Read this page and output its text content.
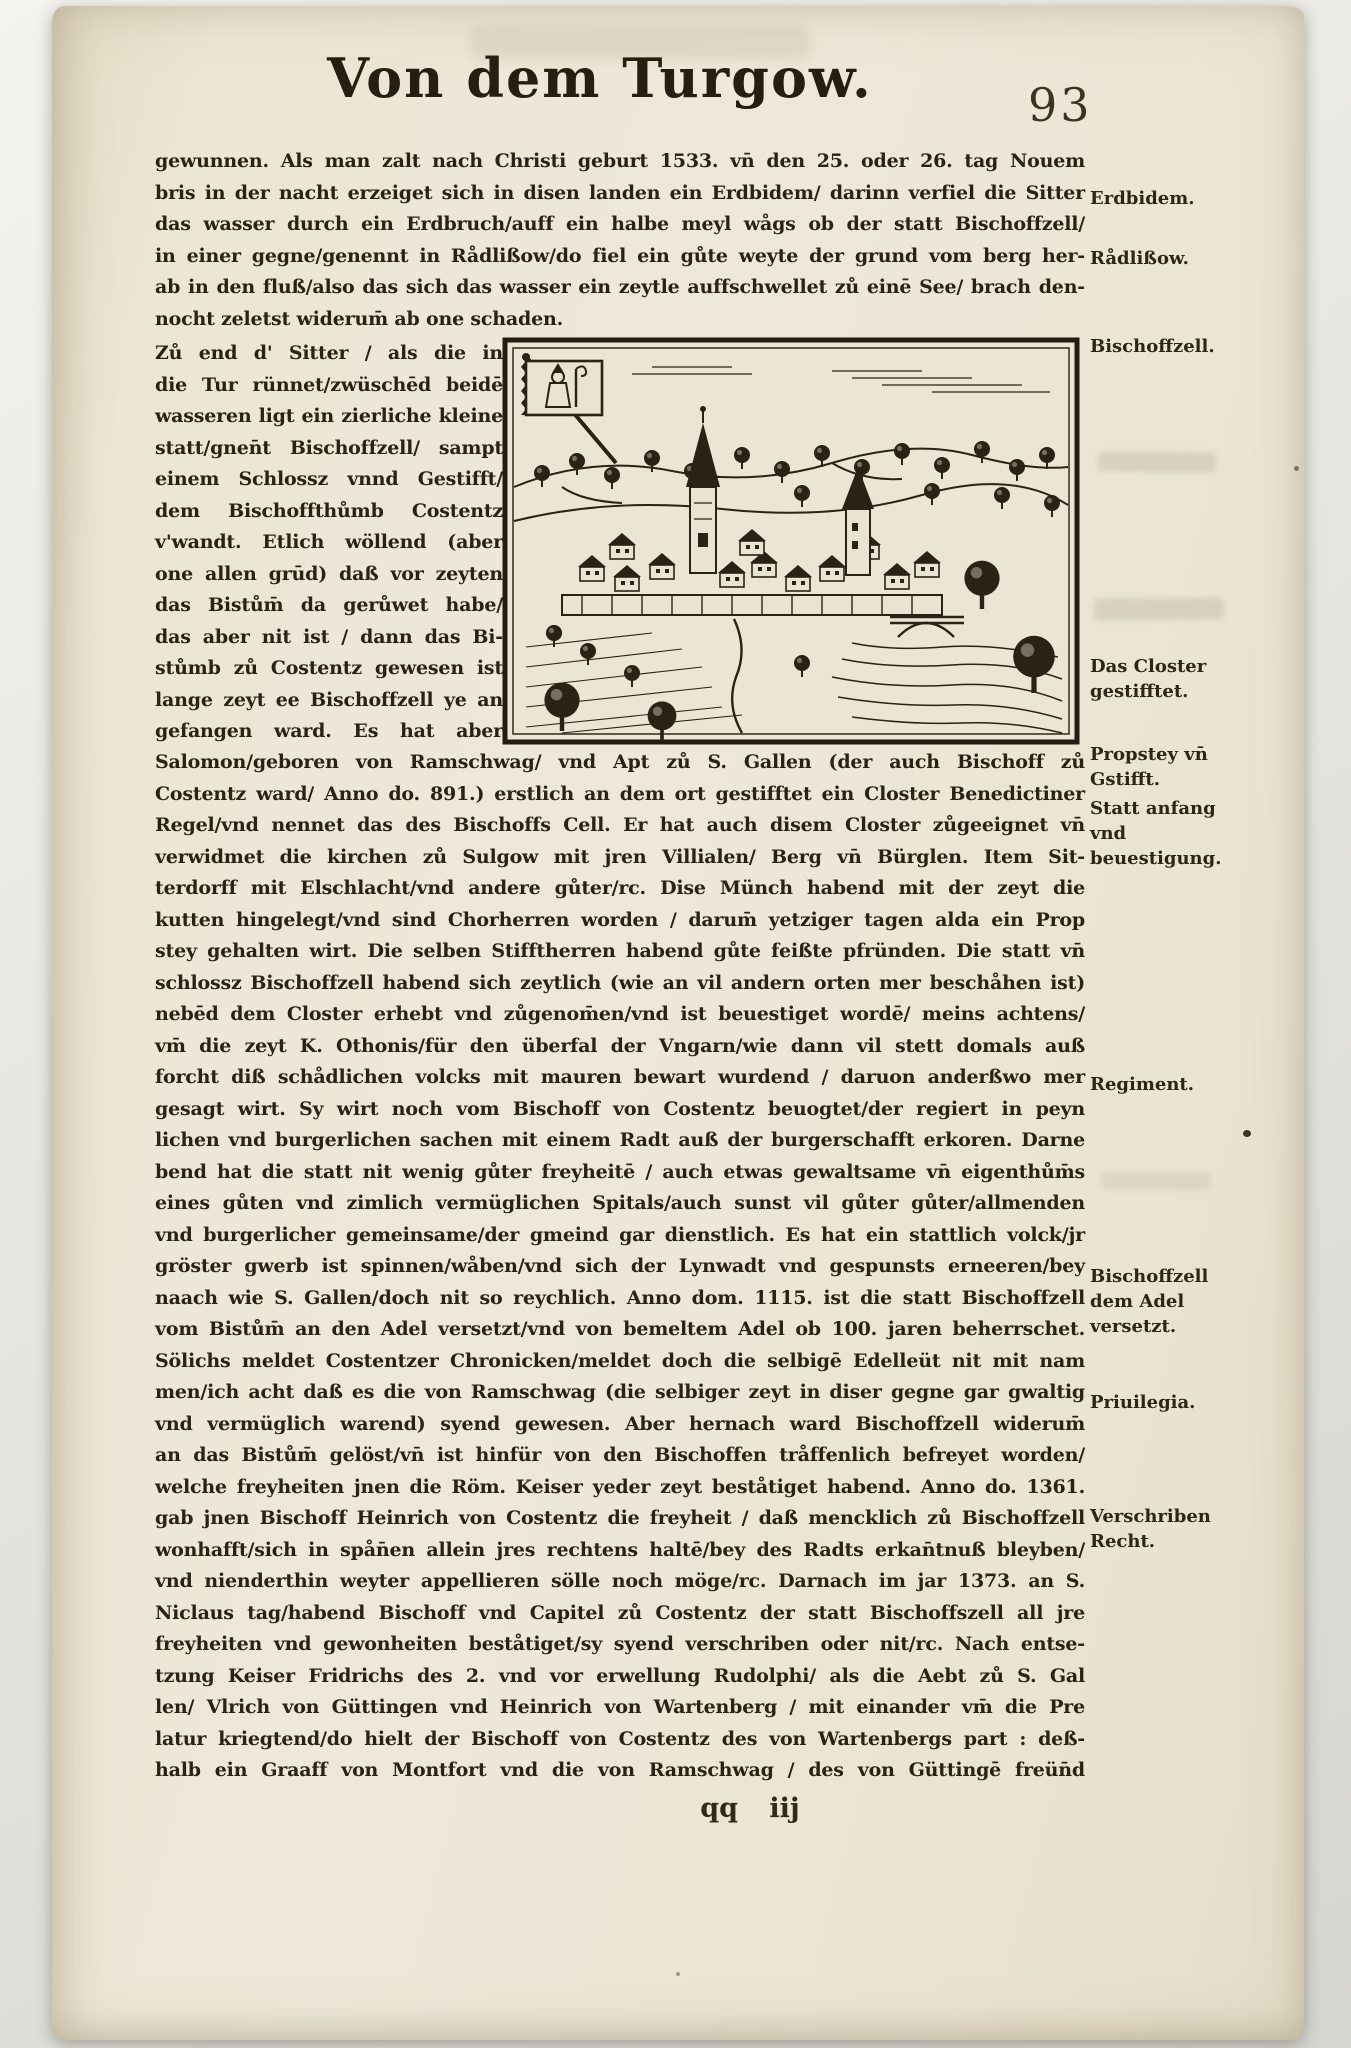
Von dem Turgow.	93
gewunnen. Als man zalt nach Christi geburt 1533. vn̄ den 25. oder 26. tag Nouem
bris in der nacht erzeiget sich in disen landen ein Erdbidem/ darinn verfiel die Sitter
das wasser durch ein Erdbruch/auff ein halbe meyl wågs ob der statt Bischoffzell/
in einer gegne/genennt in Rådlißow/do fiel ein gůte weyte der grund vom berg her-
ab in den fluß/also das sich das wasser ein zeytle auffschwellet zů einē See/ brach den-
nocht zeletst widerum̄ ab one schaden.
Zů end d' Sitter / als die in
die Tur rünnet/zwüschēd beidē
wasseren ligt ein zierliche kleine
statt/gnen̄t Bischoffzell/ sampt
einem Schlossz vnnd Gestifft/
dem Bischoffthůmb Costentz
v'wandt. Etlich wöllend (aber
one allen grūd) daß vor zeyten
das Bistům̄ da gerůwet habe/
das aber nit ist / dann das Bi-
stůmb zů Costentz gewesen ist
lange zeyt ee Bischoffzell ye an
gefangen ward. Es hat aber
Salomon/geboren von Ramschwag/ vnd Apt zů S. Gallen (der auch Bischoff zů
Costentz ward/ Anno do. 891.) erstlich an dem ort gestifftet ein Closter Benedictiner
Regel/vnd nennet das des Bischoffs Cell. Er hat auch disem Closter zůgeeignet vn̄
verwidmet die kirchen zů Sulgow mit jren Villialen/ Berg vn̄ Bürglen. Item Sit-
terdorff mit Elschlacht/vnd andere gůter/rc. Dise Münch habend mit der zeyt die
kutten hingelegt/vnd sind Chorherren worden / darum̄ yetziger tagen alda ein Prop
stey gehalten wirt. Die selben Stifftherren habend gůte feißte pfründen. Die statt vn̄
schlossz Bischoffzell habend sich zeytlich (wie an vil andern orten mer beschåhen ist)
nebēd dem Closter erhebt vnd zůgenom̄en/vnd ist beuestiget wordē/ meins achtens/
vm̄ die zeyt K. Othonis/für den überfal der Vngarn/wie dann vil stett domals auß
forcht diß schådlichen volcks mit mauren bewart wurdend / daruon anderßwo mer
gesagt wirt. Sy wirt noch vom Bischoff von Costentz beuogtet/der regiert in peyn
lichen vnd burgerlichen sachen mit einem Radt auß der burgerschafft erkoren. Darne
bend hat die statt nit wenig gůter freyheitē / auch etwas gewaltsame vn̄ eigenthům̄s
eines gůten vnd zimlich vermüglichen Spitals/auch sunst vil gůter gůter/allmenden
vnd burgerlicher gemeinsame/der gmeind gar dienstlich. Es hat ein stattlich volck/jr
gröster gwerb ist spinnen/wåben/vnd sich der Lynwadt vnd gespunsts erneeren/bey
naach wie S. Gallen/doch nit so reychlich. Anno dom. 1115. ist die statt Bischoffzell
vom Bistům̄ an den Adel versetzt/vnd von bemeltem Adel ob 100. jaren beherrschet.
Sölichs meldet Costentzer Chronicken/meldet doch die selbigē Edelleüt nit mit nam
men/ich acht daß es die von Ramschwag (die selbiger zeyt in diser gegne gar gwaltig
vnd vermüglich warend) syend gewesen. Aber hernach ward Bischoffzell widerum̄
an das Bistům̄ gelöst/vn̄ ist hinfür von den Bischoffen tråffenlich befreyet worden/
welche freyheiten jnen die Röm. Keiser yeder zeyt beståtiget habend. Anno do. 1361.
gab jnen Bischoff Heinrich von Costentz die freyheit / daß mencklich zů Bischoffzell
wonhafft/sich in spån̄en allein jres rechtens haltē/bey des Radts erkan̄tnuß bleyben/
vnd nienderthin weyter appellieren sölle noch möge/rc. Darnach im jar 1373. an S.
Niclaus tag/habend Bischoff vnd Capitel zů Costentz der statt Bischoffszell all jre
freyheiten vnd gewonheiten beståtiget/sy syend verschriben oder nit/rc. Nach entse-
tzung Keiser Fridrichs des 2. vnd vor erwellung Rudolphi/ als die Aebt zů S. Gal
len/ Vlrich von Güttingen vnd Heinrich von Wartenberg / mit einander vm̄ die Pre
latur kriegtend/do hielt der Bischoff von Costentz des von Wartenbergs part : deß-
halb ein Graaff von Montfort vnd die von Ramschwag / des von Güttingē freün̄d
Erdbidem.
Rådlißow.
Bischoffzell.
Das Closter gestifftet.
Propstey vn̄ Gstifft.
Statt anfang vnd beuestigung.
Regiment.
Bischoffzell dem Adel versetzt.
Priuilegia.
Verschriben Recht.
qq iij
